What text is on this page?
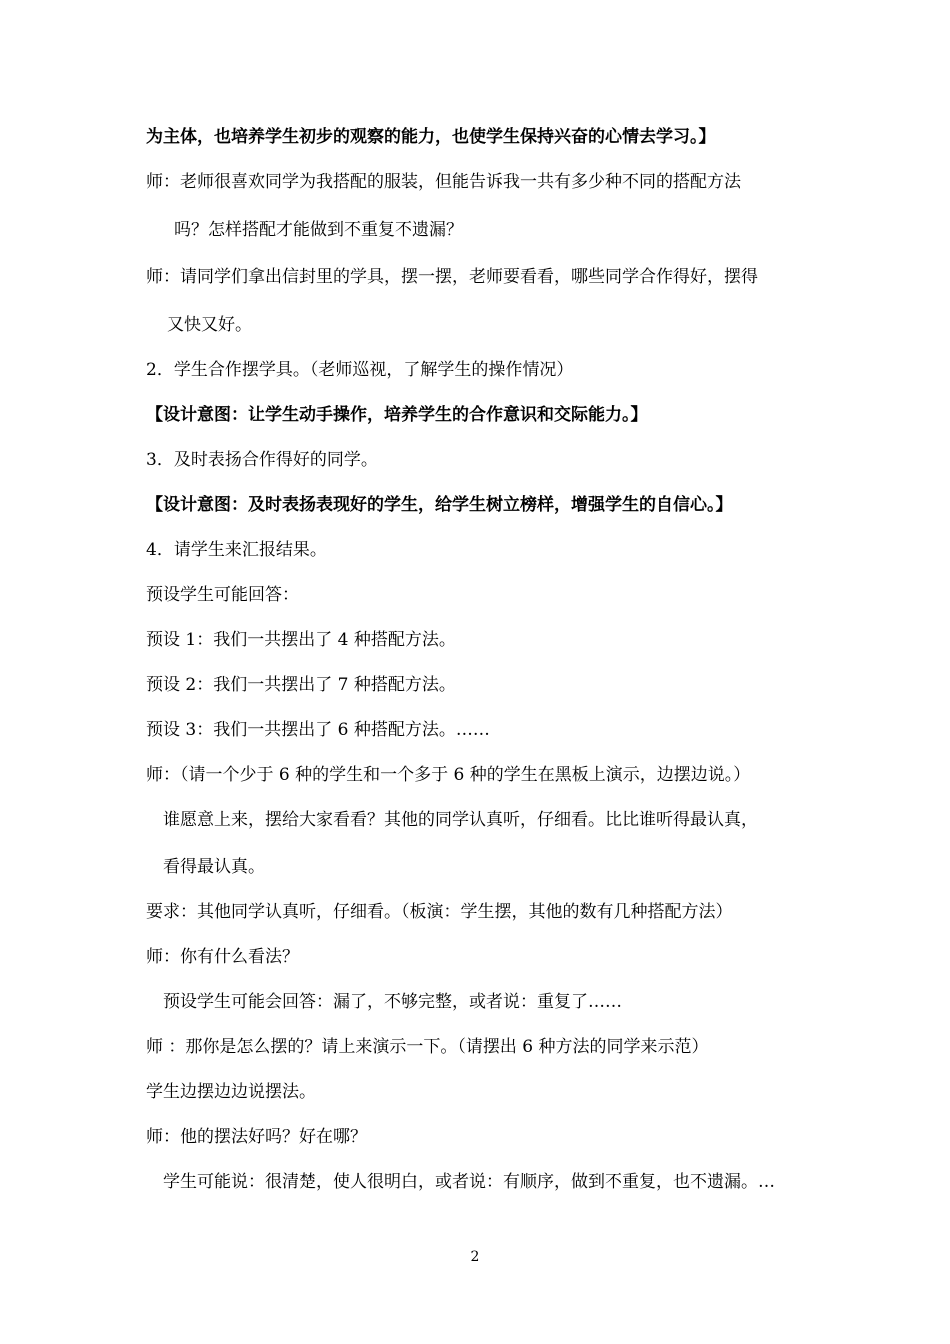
为主体，也培养学生初步的观察的能力，也使学生保持兴奋的心情去学习。】
师：老师很喜欢同学为我搭配的服装，但能告诉我一共有多少种不同的搭配方法
吗？怎样搭配才能做到不重复不遗漏？
师：请同学们拿出信封里的学具，摆一摆，老师要看看，哪些同学合作得好，摆得
又快又好。
2．学生合作摆学具。（老师巡视，了解学生的操作情况）
【设计意图：让学生动手操作，培养学生的合作意识和交际能力。】
3．及时表扬合作得好的同学。
【设计意图：及时表扬表现好的学生，给学生树立榜样，增强学生的自信心。】
4．请学生来汇报结果。
预设学生可能回答：
预设 1：我们一共摆出了 4 种搭配方法。
预设 2：我们一共摆出了 7 种搭配方法。
预设 3：我们一共摆出了 6 种搭配方法。……
师：（请一个少于 6 种的学生和一个多于 6 种的学生在黑板上演示，边摆边说。）
谁愿意上来，摆给大家看看？其他的同学认真听，仔细看。比比谁听得最认真，
看得最认真。
要求：其他同学认真听，仔细看。（板演：学生摆，其他的数有几种搭配方法）
师：你有什么看法？
预设学生可能会回答：漏了，不够完整，或者说：重复了……
师 ：那你是怎么摆的？请上来演示一下。（请摆出 6 种方法的同学来示范）
学生边摆边边说摆法。
师：他的摆法好吗？好在哪？
学生可能说：很清楚，使人很明白，或者说：有顺序，做到不重复，也不遗漏。…
2
